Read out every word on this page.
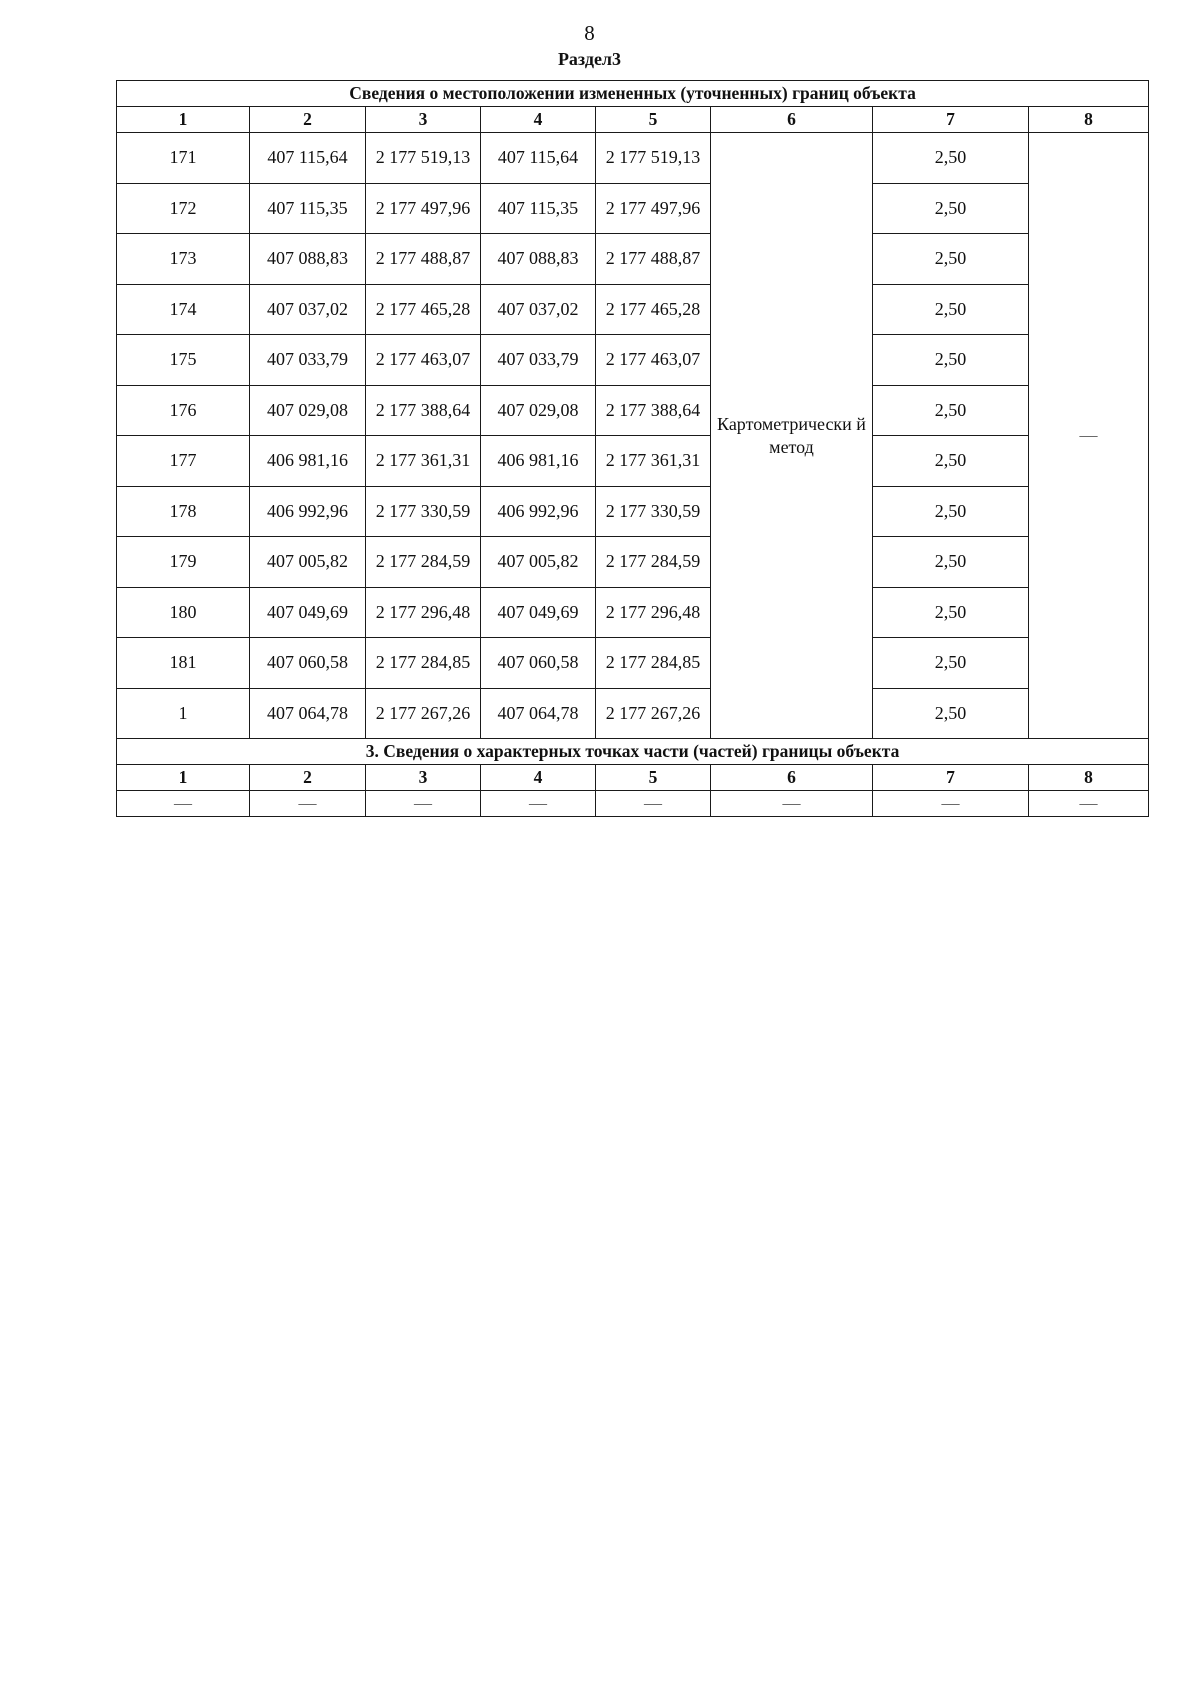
8
Раздел3
Сведения о местоположении измененных (уточненных) границ объекта							
1	2	3	4	5	6	7	8
171	407 115,64	2 177 519,13	407 115,64	2 177 519,13	Картометрически й метод	2,50	—
172	407 115,35	2 177 497,96	407 115,35	2 177 497,96		2,50	
173	407 088,83	2 177 488,87	407 088,83	2 177 488,87		2,50	
174	407 037,02	2 177 465,28	407 037,02	2 177 465,28		2,50	
175	407 033,79	2 177 463,07	407 033,79	2 177 463,07		2,50	
176	407 029,08	2 177 388,64	407 029,08	2 177 388,64		2,50	
177	406 981,16	2 177 361,31	406 981,16	2 177 361,31		2,50	
178	406 992,96	2 177 330,59	406 992,96	2 177 330,59		2,50	
179	407 005,82	2 177 284,59	407 005,82	2 177 284,59		2,50	
180	407 049,69	2 177 296,48	407 049,69	2 177 296,48		2,50	
181	407 060,58	2 177 284,85	407 060,58	2 177 284,85		2,50	
1	407 064,78	2 177 267,26	407 064,78	2 177 267,26		2,50	
3. Сведения о характерных точках части (частей) границы объекта							
1	2	3	4	5	6	7	8
—	—	—	—	—	—	—	—
